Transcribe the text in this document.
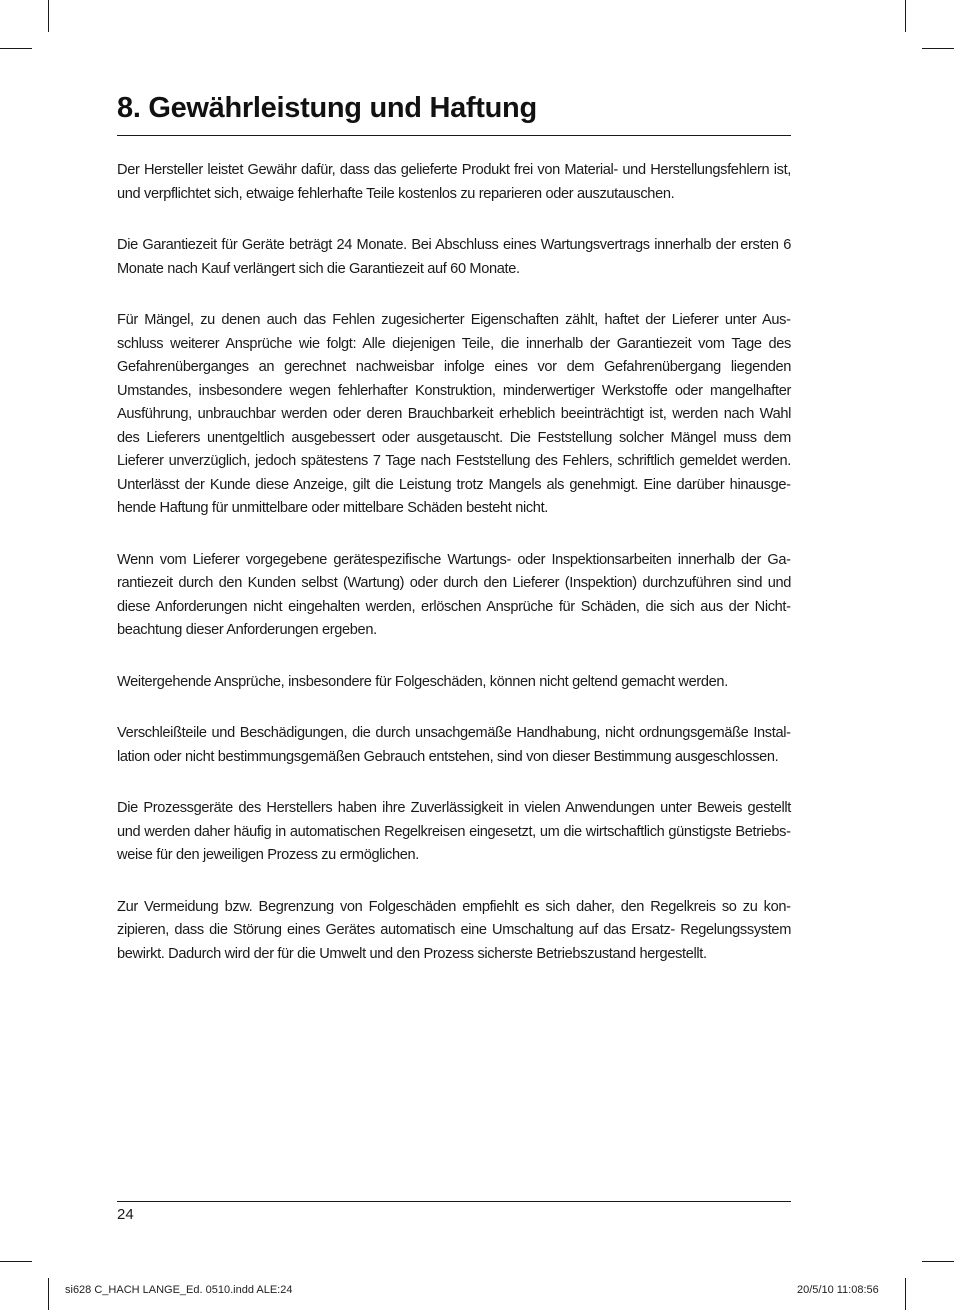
8. Gewährleistung und Haftung

Der Hersteller leistet Gewähr dafür, dass das gelieferte Produkt frei von Material- und Herstellungsfehlern ist, und verpflichtet sich, etwaige fehlerhafte Teile kostenlos zu reparieren oder auszutauschen.

Die Garantiezeit für Geräte beträgt 24 Monate. Bei Abschluss eines Wartungsvertrags innerhalb der ersten 6 Monate nach Kauf verlängert sich die Garantiezeit auf 60 Monate.

Für Mängel, zu denen auch das Fehlen zugesicherter Eigenschaften zählt, haftet der Lieferer unter Ausschluss weiterer Ansprüche wie folgt: Alle diejenigen Teile, die innerhalb der Garantiezeit vom Tage des Gefahrenüberganges an gerechnet nachweisbar infolge eines vor dem Gefahrenübergang liegenden Umstandes, insbesondere wegen fehlerhafter Konstruktion, minderwertiger Werkstoffe oder mangelhafter Ausführung, unbrauchbar werden oder deren Brauchbarkeit erheblich beeinträchtigt ist, werden nach Wahl des Lieferers unentgeltlich ausgebessert oder ausgetauscht. Die Feststellung solcher Mängel muss dem Lieferer unverzüglich, jedoch spätestens 7 Tage nach Feststellung des Fehlers, schriftlich gemeldet werden. Unterlässt der Kunde diese Anzeige, gilt die Leistung trotz Mangels als genehmigt. Eine darüber hinausgehende Haftung für unmittelbare oder mittelbare Schäden besteht nicht.

Wenn vom Lieferer vorgegebene gerätespezifische Wartungs- oder Inspektionsarbeiten innerhalb der Garantiezeit durch den Kunden selbst (Wartung) oder durch den Lieferer (Inspektion) durchzuführen sind und diese Anforderungen nicht eingehalten werden, erlöschen Ansprüche für Schäden, die sich aus der Nichtbeachtung dieser Anforderungen ergeben.

Weitergehende Ansprüche, insbesondere für Folgeschäden, können nicht geltend gemacht werden.

Verschleißteile und Beschädigungen, die durch unsachgemäße Handhabung, nicht ordnungsgemäße Installation oder nicht bestimmungsgemäßen Gebrauch entstehen, sind von dieser Bestimmung ausgeschlossen.

Die Prozessgeräte des Herstellers haben ihre Zuverlässigkeit in vielen Anwendungen unter Beweis gestellt und werden daher häufig in automatischen Regelkreisen eingesetzt, um die wirtschaftlich günstigste Betriebsweise für den jeweiligen Prozess zu ermöglichen.

Zur Vermeidung bzw. Begrenzung von Folgeschäden empfiehlt es sich daher, den Regelkreis so zu konzipieren, dass die Störung eines Gerätes automatisch eine Umschaltung auf das Ersatz- Regelungssystem bewirkt. Dadurch wird der für die Umwelt und den Prozess sicherste Betriebszustand hergestellt.

24
si628 C_HACH LANGE_Ed. 0510.indd ALE:24	20/5/10 11:08:56
